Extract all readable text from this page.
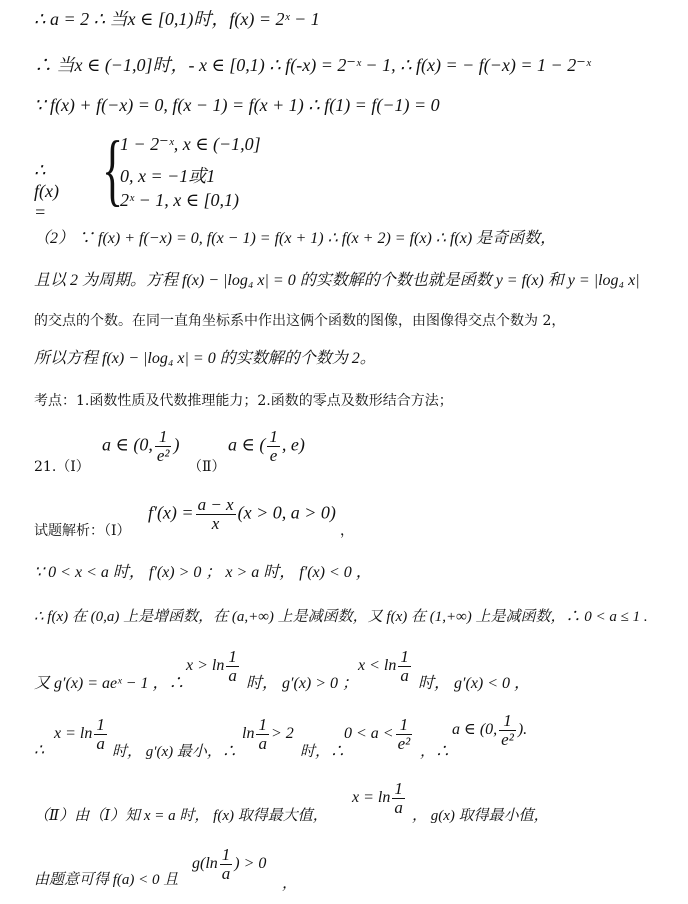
∴ a = 2 ∴ 当x ∈ [0,1)时，f(x) = 2ˣ − 1
∴ 当x ∈ (−1,0]时，- x ∈ [0,1) ∴ f(-x) = 2⁻ˣ − 1, ∴ f(x) = − f(−x) = 1 − 2⁻ˣ
∵ f(x) + f(−x) = 0, f(x − 1) = f(x + 1) ∴ f(1) = f(−1) = 0
∴ f(x) = {
1 − 2⁻ˣ, x ∈ (−1,0]
0, x = −1或1
2ˣ − 1, x ∈ [0,1)
（2） ∵ f(x) + f(−x) = 0, f(x − 1) = f(x + 1) ∴ f(x + 2) = f(x) ∴ f(x) 是奇函数，
且以 2 为周期。方程 f(x) − |log₄ x| = 0 的实数解的个数也就是函数 y = f(x) 和 y = |log₄ x|
的交点的个数。在同一直角坐标系中作出这俩个函数的图像，由图像得交点个数为 2，
所以方程 f(x) − |log₄ x| = 0 的实数解的个数为 2。
考点：1.函数性质及代数推理能力；2.函数的零点及数形结合方法；
21.（Ⅰ）
a ∈ (0, $\frac{1}{\text{e²}}$ )
（Ⅱ）
a ∈ ( $\frac{1}{e}$ , e)
试题解析：（Ⅰ）
$f'(x) = \frac{a - x}{x} (x > 0$, a > 0)
，
∵ 0 < x < a 时， f′(x) > 0 ； x > a 时， f′(x) < 0 ，
∴ f(x) 在 (0,a) 上是增函数，在 (a,+∞) 上是减函数，又 f(x) 在 (1,+∞) 上是减函数，∴ 0 < a ≤ 1 .
又 g′(x) = aeˣ − 1 ，∴
$x > \ln \frac{1}{a}$ 时， g′(x) > 0 ；
$x < \ln \frac{1}{a}$ 时， g′(x) < 0 ，
∴
$x = \ln \frac{1}{a}$ 时， g′(x) 最小，∴
$\ln \frac{1}{a} > 2$
时，∴
$0 < a < \frac{1}{\text{e²}}$ ，∴
a ∈ (0, $\frac{1}{\text{e²}}$ ).
（Ⅱ）由（Ⅰ）知 x = a 时， f(x) 取得最大值，
$x = \ln \frac{1}{a}$ ， g(x) 取得最小值，
由题意可得 f(a) < 0 且
$g(\ln \frac{1}{a}$ ) > 0
，
